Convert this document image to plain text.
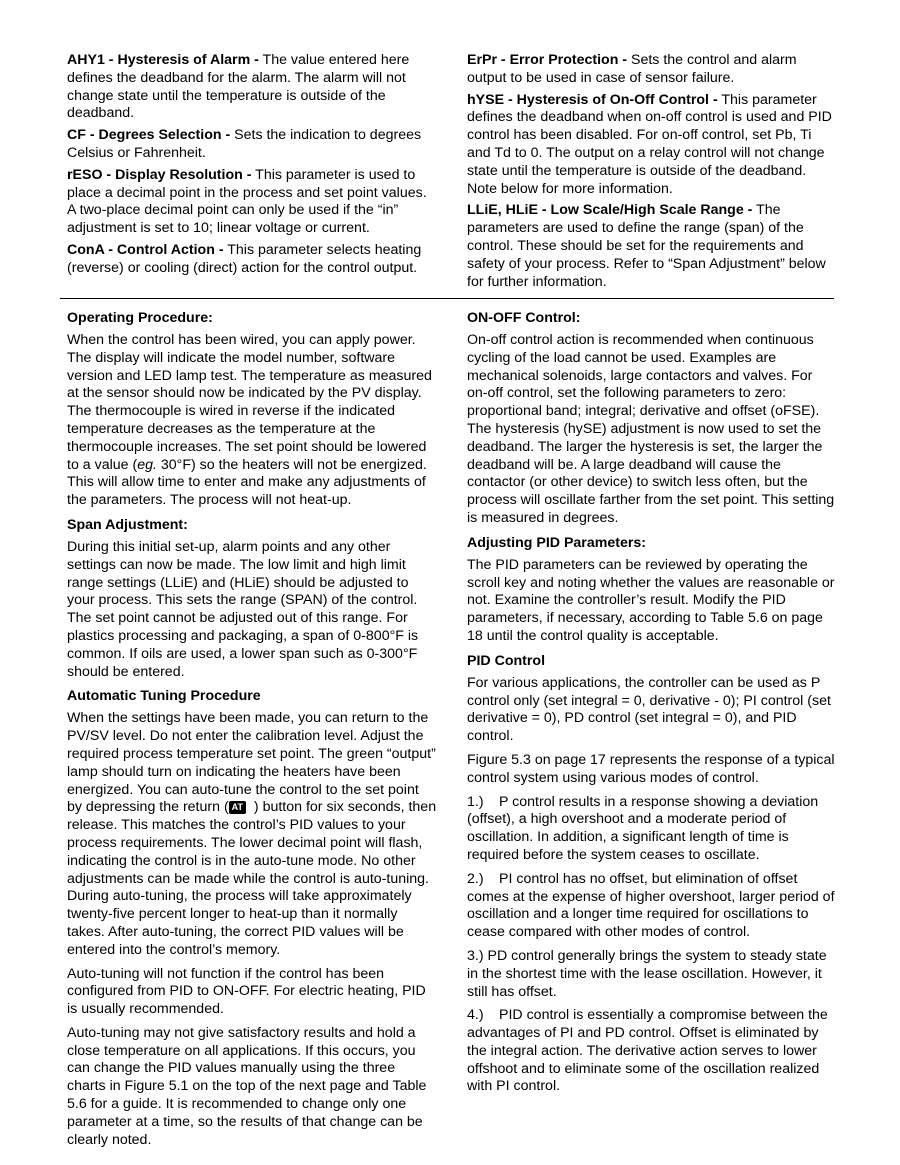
AHY1 - Hysteresis of Alarm - The value entered here defines the deadband for the alarm. The alarm will not change state until the temperature is outside of the deadband.

CF - Degrees Selection - Sets the indication to degrees Celsius or Fahrenheit.

rESO - Display Resolution - This parameter is used to place a decimal point in the process and set point values. A two-place decimal point can only be used if the “in” adjustment is set to 10; linear voltage or current.

ConA - Control Action - This parameter selects heating (reverse) or cooling (direct) action for the control output.

ErPr - Error Protection - Sets the control and alarm output to be used in case of sensor failure.

hYSE - Hysteresis of On-Off Control - This parameter defines the deadband when on-off control is used and PID control has been disabled. For on-off control, set Pb, Ti and Td to 0. The output on a relay control will not change state until the temperature is outside of the deadband. Note below for more information.

LLiE, HLiE - Low Scale/High Scale Range - The parameters are used to define the range (span) of the control. These should be set for the requirements and safety of your process. Refer to “Span Adjustment” below for further information.

Operating Procedure:

When the control has been wired, you can apply power. The display will indicate the model number, software version and LED lamp test. The temperature as measured at the sensor should now be indicated by the PV display. The thermocouple is wired in reverse if the indicated temperature decreases as the temperature at the thermocouple increases. The set point should be lowered to a value (eg. 30°F) so the heaters will not be energized. This will allow time to enter and make any adjustments of the parameters. The process will not heat-up.

Span Adjustment:

During this initial set-up, alarm points and any other settings can now be made. The low limit and high limit range settings (LLiE) and (HLiE) should be adjusted to your process. This sets the range (SPAN) of the control. The set point cannot be adjusted out of this range. For plastics processing and packaging, a span of 0-800°F is common. If oils are used, a lower span such as 0-300°F should be entered.

Automatic Tuning Procedure

When the settings have been made, you can return to the PV/SV level. Do not enter the calibration level. Adjust the required process temperature set point. The green “output” lamp should turn on indicating the heaters have been energized. You can auto-tune the control to the set point by depressing the return ( AT ) button for six seconds, then release. This matches the control’s PID values to your process requirements. The lower decimal point will flash, indicating the control is in the auto-tune mode. No other adjustments can be made while the control is auto-tuning. During auto-tuning, the process will take approximately twenty-five percent longer to heat-up than it normally takes. After auto-tuning, the correct PID values will be entered into the control’s memory.

Auto-tuning will not function if the control has been configured from PID to ON-OFF. For electric heating, PID is usually recommended.

Auto-tuning may not give satisfactory results and hold a close temperature on all applications. If this occurs, you can change the PID values manually using the three charts in Figure 5.1 on the top of the next page and Table 5.6 for a guide. It is recommended to change only one parameter at a time, so the results of that change can be clearly noted.

ON-OFF Control:

On-off control action is recommended when continuous cycling of the load cannot be used. Examples are mechanical solenoids, large contactors and valves. For on-off control, set the following parameters to zero: proportional band; integral; derivative and offset (oFSE). The hysteresis (hySE) adjustment is now used to set the deadband. The larger the hysteresis is set, the larger the deadband will be. A large deadband will cause the contactor (or other device) to switch less often, but the process will oscillate farther from the set point. This setting is measured in degrees.

Adjusting PID Parameters:

The PID parameters can be reviewed by operating the scroll key and noting whether the values are reasonable or not. Examine the controller’s result. Modify the PID parameters, if necessary, according to Table 5.6 on page 18 until the control quality is acceptable.

PID Control

For various applications, the controller can be used as P control only (set integral = 0, derivative - 0); PI control (set derivative = 0), PD control (set integral = 0), and PID control.

Figure 5.3 on page 17 represents the response of a typical control system using various modes of control.

1.) P control results in a response showing a deviation (offset), a high overshoot and a moderate period of oscillation. In addition, a significant length of time is required before the system ceases to oscillate.

2.) PI control has no offset, but elimination of offset comes at the expense of higher overshoot, larger period of oscillation and a longer time required for oscillations to cease compared with other modes of control.

3.) PD control generally brings the system to steady state in the shortest time with the lease oscillation. However, it still has offset.

4.) PID control is essentially a compromise between the advantages of PI and PD control. Offset is eliminated by the integral action. The derivative action serves to lower offshoot and to eliminate some of the oscillation realized with PI control.
